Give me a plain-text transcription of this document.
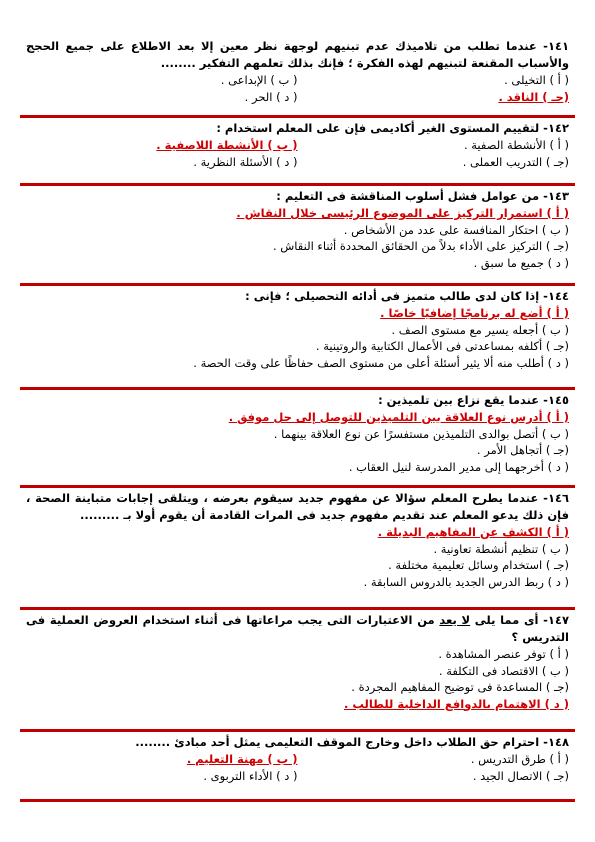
١٤١- عندما تطلب من تلاميذك عدم تبنيهم لوجهة نظر معين إلا بعد الاطلاع على جميع الحجج والأسباب المقنعة لتبنيهم لهذه الفكرة ؛ فإنك بذلك تعلمهم التفكير ........
( أ ) التخيلى .
( ب ) الإبداعى .
(جـ ) الناقد .
( د ) الحر .
١٤٢- لتقييم المستوى الغير أكاديمى فإن على المعلم استخدام :
( أ ) الأنشطة الصفية .
( ب ) الأنشطة اللاصفية .
(جـ ) التدريب العملى .
( د ) الأسئلة النظرية .
١٤٣- من عوامل فشل أسلوب المناقشة فى التعليم :
( أ ) استمرار التركيز على الموضوع الرئيسى خلال النقاش .
( ب ) احتكار المنافسة على عدد من الأشخاص .
(جـ ) التركيز على الأداء بدلاً من الحقائق المحددة أثناء النقاش .
( د ) جميع ما سبق .
١٤٤- إذا كان لدى طالب متميز فى أدائه التحصيلى ؛ فإنى :
( أ ) أضع له برنامجًا إضافيًا خاصًا .
( ب ) أجعله يسير مع مستوى الصف .
(جـ ) أكلفه بمساعدتى فى الأعمال الكتابية والروتينية .
( د ) أطلب منه ألا يثير أسئلة أعلى من مستوى الصف حفاظًا على وقت الحصة .
١٤٥- عندما يقع نزاع بين تلميذين :
( أ ) أدرس نوع العلاقة بين التلميذين للتوصل إلى حل موفق .
( ب ) أتصل بوالدى التلميذين مستفسرًا عن نوع العلاقة بينهما .
(جـ ) أتجاهل الأمر .
( د ) أخرجهما إلى مدير المدرسة لنيل العقاب .
١٤٦- عندما يطرح المعلم سؤالا عن مفهوم جديد سيقوم بعرضه ، ويتلقى إجابات متباينة الصحة ، فإن ذلك يدعو المعلم عند تقديم مفهوم جديد فى المرات القادمة أن يقوم أولا بـ .........
( أ ) الكشف عن المفاهيم البديلة .
( ب ) تنظيم أنشطة تعاونية .
(جـ ) استخدام وسائل تعليمية مختلفة .
( د ) ربط الدرس الجديد بالدروس السابقة .
١٤٧- أى مما يلى لا يعد من الاعتبارات التى يجب مراعاتها فى أثناء استخدام العروض العملية فى التدريس ؟
( أ ) توفر عنصر المشاهدة .
( ب ) الاقتصاد فى التكلفة .
(جـ ) المساعدة فى توضيح المفاهيم المجردة .
( د ) الاهتمام بالدوافع الداخلية للطالب .
١٤٨- احترام حق الطلاب داخل وخارج الموقف التعليمى يمثل أحد مبادئ ........
( أ ) طرق التدريس .
( ب ) مهنة التعليم .
(جـ ) الاتصال الجيد .
( د ) الأداء التربوى .
